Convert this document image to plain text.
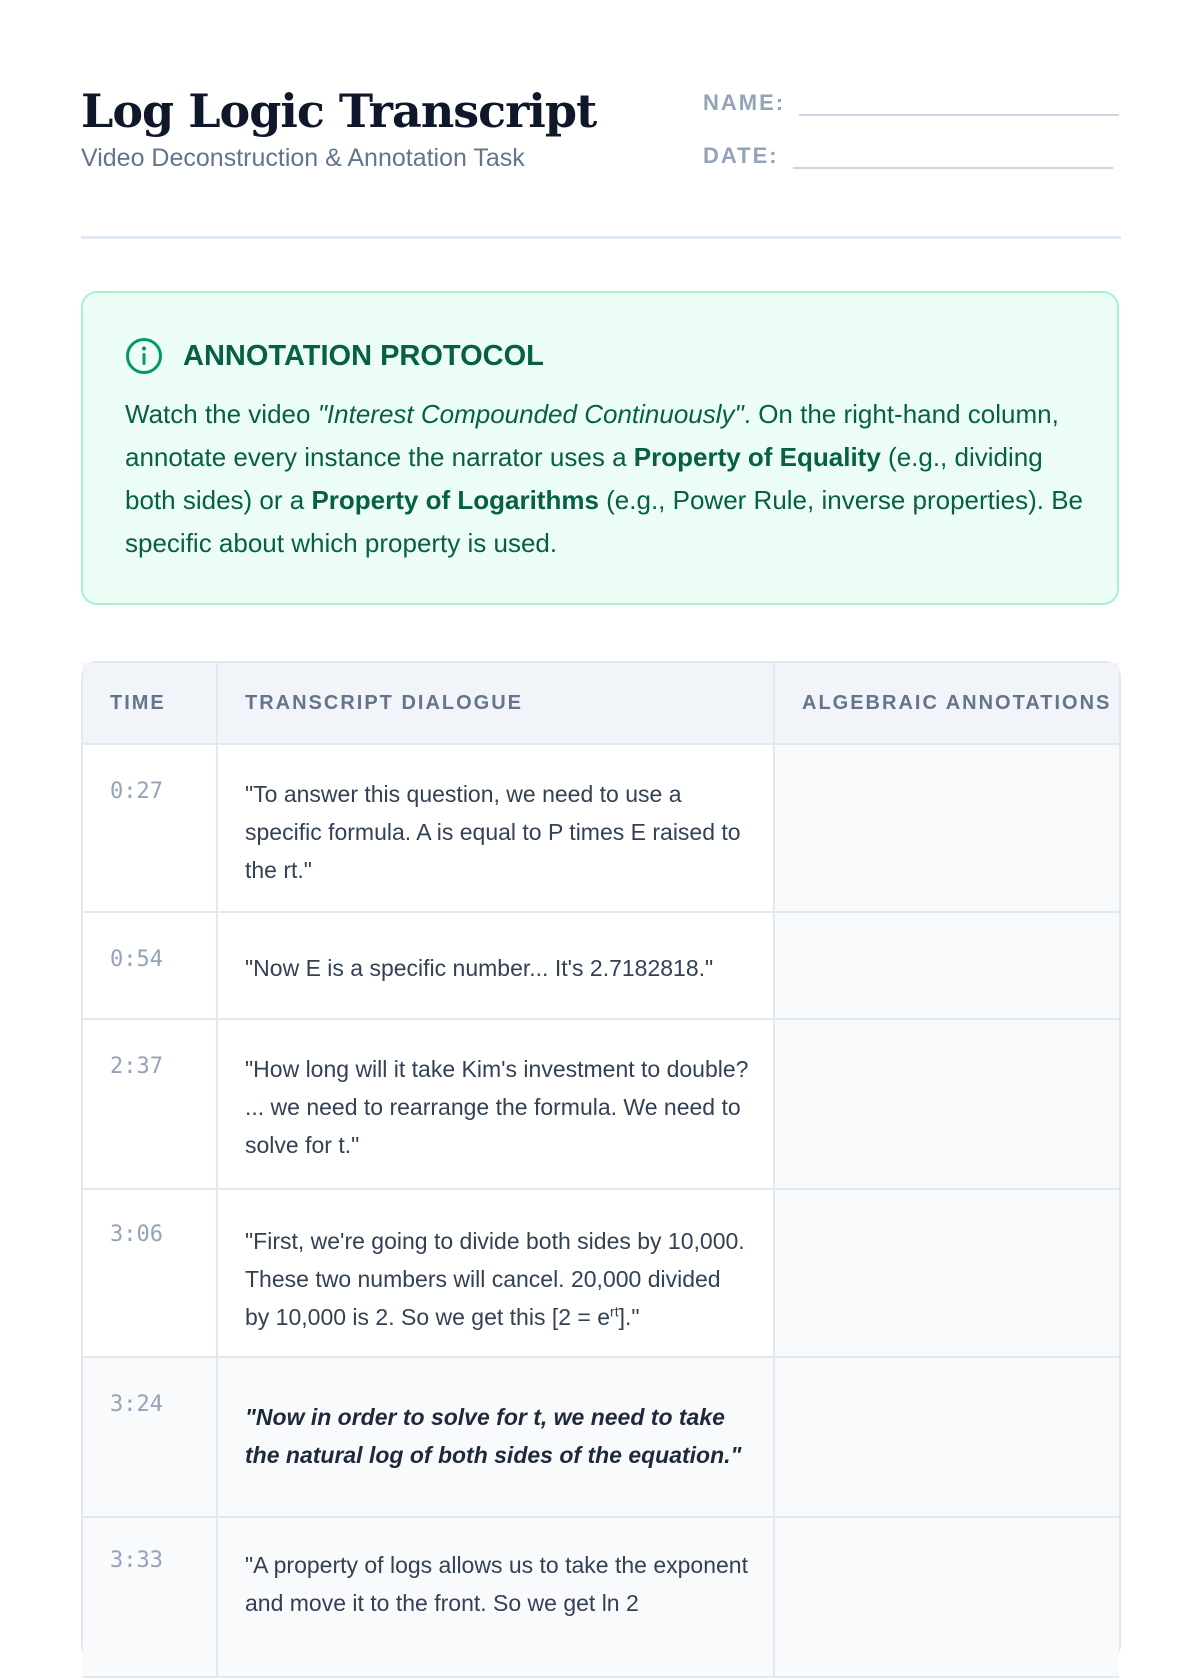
Log Logic Transcript
Video Deconstruction & Annotation Task
NAME:
DATE:
ANNOTATION PROTOCOL
Watch the video "Interest Compounded Continuously". On the right-hand column, annotate every instance the narrator uses a Property of Equality (e.g., dividing both sides) or a Property of Logarithms (e.g., Power Rule, inverse properties). Be specific about which property is used.
TIME	TRANSCRIPT DIALOGUE	ALGEBRAIC ANNOTATIONS
0:27	"To answer this question, we need to use a specific formula. A is equal to P times E raised to the rt."	
0:54	"Now E is a specific number... It's 2.7182818."	
2:37	"How long will it take Kim's investment to double? ... we need to rearrange the formula. We need to solve for t."	
3:06	"First, we're going to divide both sides by 10,000. These two numbers will cancel. 20,000 divided by 10,000 is 2. So we get this $[2 = e^{rt}]$."	
3:24	"Now in order to solve for t, we need to take the natural log of both sides of the equation."	
3:33	"A property of logs allows us to take the exponent and move it to the front. So we get ln 2	
